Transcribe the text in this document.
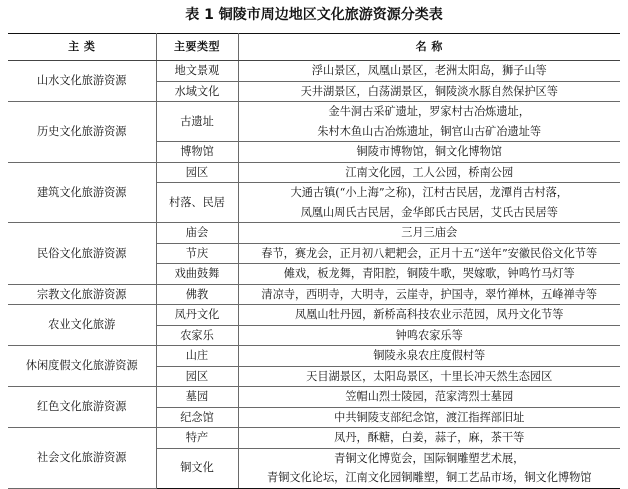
表 1 铜陵市周边地区文化旅游资源分类表
主 类	主要类型	名 称
山水文化旅游资源	地文景观	浮山景区，凤凰山景区，老洲太阳岛，狮子山等

	水域文化	天井湖景区，白荡湖景区，铜陵淡水豚自然保护区等

历史文化旅游资源	古遗址	金牛洞古采矿遗址，罗家村古冶炼遗址，
朱村木鱼山古冶炼遗址，铜官山古矿冶遗址等

	博物馆	铜陵市博物馆，铜文化博物馆

建筑文化旅游资源	园区	江南文化园，工人公园，桥南公园

	村落、民居	大通古镇(“小上海”之称)，江村古民居，龙潭肖古村落，
凤凰山周氏古民居，金华郎氏古民居，艾氏古民居等

民俗文化旅游资源	庙会	三月三庙会

	节庆	春节，赛龙会，正月初八耙耙会，正月十五“送年”安徽民俗文化节等

	戏曲鼓舞	傩戏，板龙舞，青阳腔，铜陵牛歌，哭嫁歌，钟鸣竹马灯等

宗教文化旅游资源	佛教	清凉寺，西明寺，大明寺，云崖寺，护国寺，翠竹禅林，五峰禅寺等

农业文化旅游	凤丹文化	凤凰山牡丹园，新桥高科技农业示范园，凤丹文化节等

	农家乐	钟鸣农家乐等

休闲度假文化旅游资源	山庄	铜陵永泉农庄度假村等

	园区	天目湖景区，太阳岛景区，十里长冲天然生态园区

红色文化旅游资源	墓园	笠帽山烈士陵园，范家湾烈士墓园

	纪念馆	中共铜陵支部纪念馆，渡江指挥部旧址

社会文化旅游资源	特产	凤丹，酥糖，白姜，蒜子，麻，茶干等

	铜文化	青铜文化博览会，国际铜雕塑艺术展，
青铜文化论坛，江南文化园铜雕塑，铜工艺品市场，铜文化博物馆
